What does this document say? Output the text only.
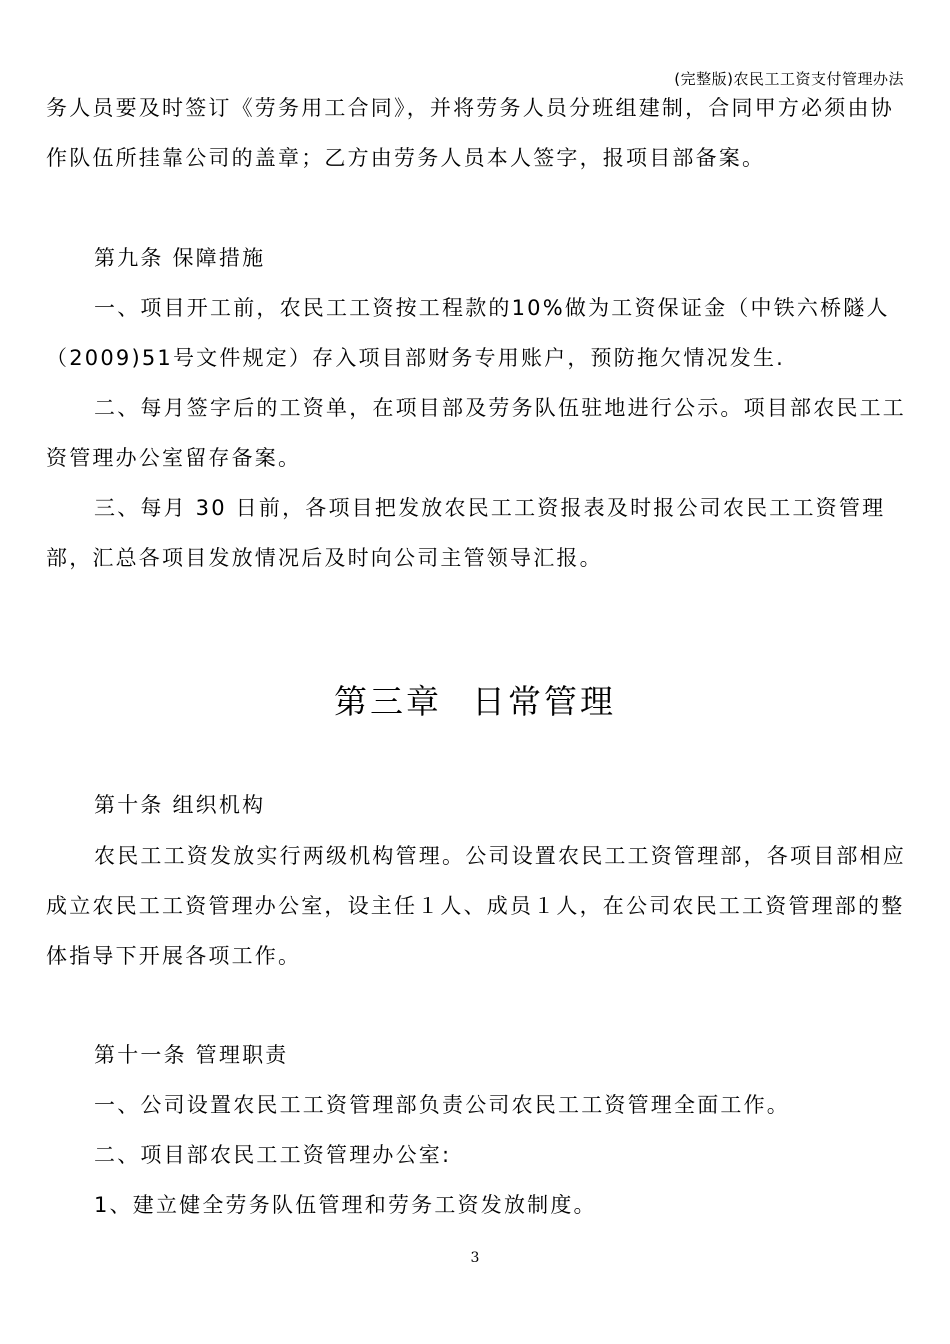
(完整版)农民工工资支付管理办法

务人员要及时签订《劳务用工合同》，并将劳务人员分班组建制，合同甲方必须由协作队伍所挂靠公司的盖章；乙方由劳务人员本人签字，报项目部备案。

第九条 保障措施

一、项目开工前，农民工工资按工程款的10%做为工资保证金（中铁六桥隧人（2009)51号文件规定）存入项目部财务专用账户，预防拖欠情况发生.

二、每月签字后的工资单，在项目部及劳务队伍驻地进行公示。项目部农民工工资管理办公室留存备案。

三、每月 30 日前，各项目把发放农民工工资报表及时报公司农民工工资管理部，汇总各项目发放情况后及时向公司主管领导汇报。

第三章 日常管理

第十条 组织机构

农民工工资发放实行两级机构管理。公司设置农民工工资管理部，各项目部相应成立农民工工资管理办公室，设主任１人、成员１人，在公司农民工工资管理部的整体指导下开展各项工作。

第十一条 管理职责

一、公司设置农民工工资管理部负责公司农民工工资管理全面工作。

二、项目部农民工工资管理办公室:

1、建立健全劳务队伍管理和劳务工资发放制度。

3
